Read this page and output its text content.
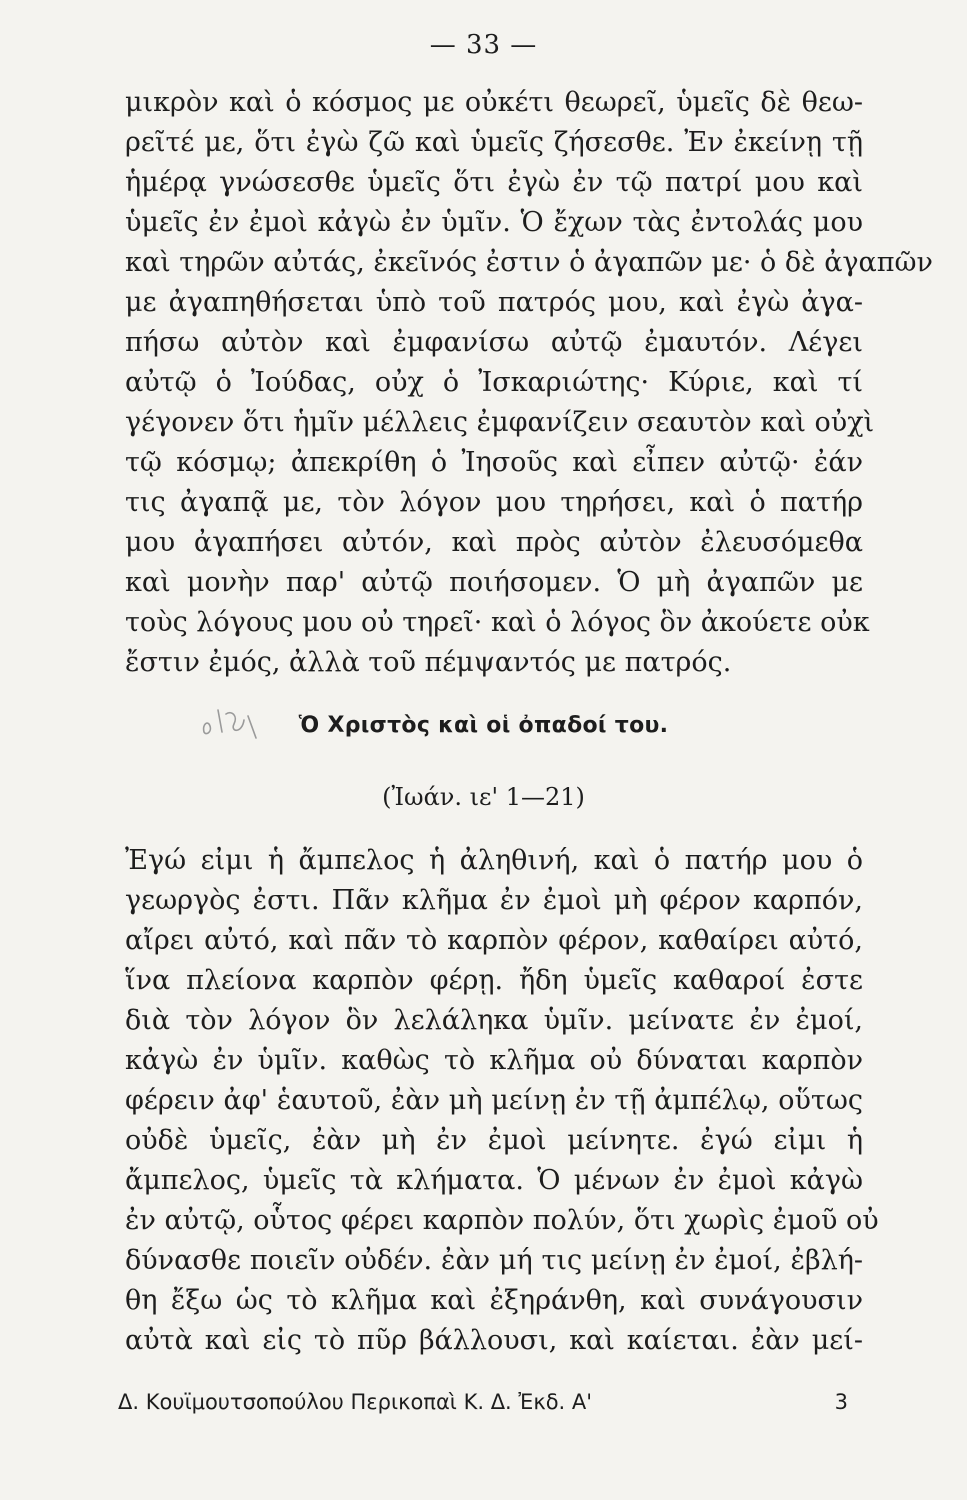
— 33 —
μικρὸν καὶ ὁ κόσμος με οὐκέτι θεωρεῖ, ὑμεῖς δὲ θεω-
ρεῖτέ με, ὅτι ἐγὼ ζῶ καὶ ὑμεῖς ζήσεσθε. Ἐν ἐκείνῃ τῇ
ἡμέρᾳ γνώσεσθε ὑμεῖς ὅτι ἐγὼ ἐν τῷ πατρί μου καὶ
ὑμεῖς ἐν ἐμοὶ κἀγὼ ἐν ὑμῖν. Ὁ ἔχων τὰς ἐντολάς μου
καὶ τηρῶν αὐτάς, ἐκεῖνός ἐστιν ὁ ἀγαπῶν με· ὁ δὲ ἀγαπῶν
με ἀγαπηθήσεται ὑπὸ τοῦ πατρός μου, καὶ ἐγὼ ἀγα-
πήσω αὐτὸν καὶ ἐμφανίσω αὐτῷ ἐμαυτόν. Λέγει
αὐτῷ ὁ Ἰούδας, οὐχ ὁ Ἰσκαριώτης· Κύριε, καὶ τί
γέγονεν ὅτι ἡμῖν μέλλεις ἐμφανίζειν σεαυτὸν καὶ οὐχὶ
τῷ κόσμῳ; ἀπεκρίθη ὁ Ἰησοῦς καὶ εἶπεν αὐτῷ· ἐάν
τις ἀγαπᾷ με, τὸν λόγον μου τηρήσει, καὶ ὁ πατήρ
μου ἀγαπήσει αὐτόν, καὶ πρὸς αὐτὸν ἐλευσόμεθα
καὶ μονὴν παρ' αὐτῷ ποιήσομεν. Ὁ μὴ ἀγαπῶν με
τοὺς λόγους μου οὐ τηρεῖ· καὶ ὁ λόγος ὃν ἀκούετε οὐκ
ἔστιν ἐμός, ἀλλὰ τοῦ πέμψαντός με πατρός.
Ὁ Χριστὸς καὶ οἱ ὀπαδοί του.
(Ἰωάν. ιε' 1—21)
Ἐγώ εἰμι ἡ ἄμπελος ἡ ἀληθινή, καὶ ὁ πατήρ μου ὁ
γεωργὸς ἐστι. Πᾶν κλῆμα ἐν ἐμοὶ μὴ φέρον καρπόν,
αἴρει αὐτό, καὶ πᾶν τὸ καρπὸν φέρον, καθαίρει αὐτό,
ἵνα πλείονα καρπὸν φέρῃ. ἤδη ὑμεῖς καθαροί ἐστε
διὰ τὸν λόγον ὃν λελάληκα ὑμῖν. μείνατε ἐν ἐμοί,
κἀγὼ ἐν ὑμῖν. καθὼς τὸ κλῆμα οὐ δύναται καρπὸν
φέρειν ἀφ' ἑαυτοῦ, ἐὰν μὴ μείνῃ ἐν τῇ ἀμπέλῳ, οὕτως
οὐδὲ ὑμεῖς, ἐὰν μὴ ἐν ἐμοὶ μείνητε. ἐγώ εἰμι ἡ
ἄμπελος, ὑμεῖς τὰ κλήματα. Ὁ μένων ἐν ἐμοὶ κἀγὼ
ἐν αὐτῷ, οὗτος φέρει καρπὸν πολύν, ὅτι χωρὶς ἐμοῦ οὐ
δύνασθε ποιεῖν οὐδέν. ἐὰν μή τις μείνῃ ἐν ἐμοί, ἐβλή-
θη ἔξω ὡς τὸ κλῆμα καὶ ἐξηράνθη, καὶ συνάγουσιν
αὐτὰ καὶ εἰς τὸ πῦρ βάλλουσι, καὶ καίεται. ἐὰν μεί-
Δ. Κουϊμουτσοπούλου Περικοπαὶ Κ. Δ. Ἐκδ. Α'	3
